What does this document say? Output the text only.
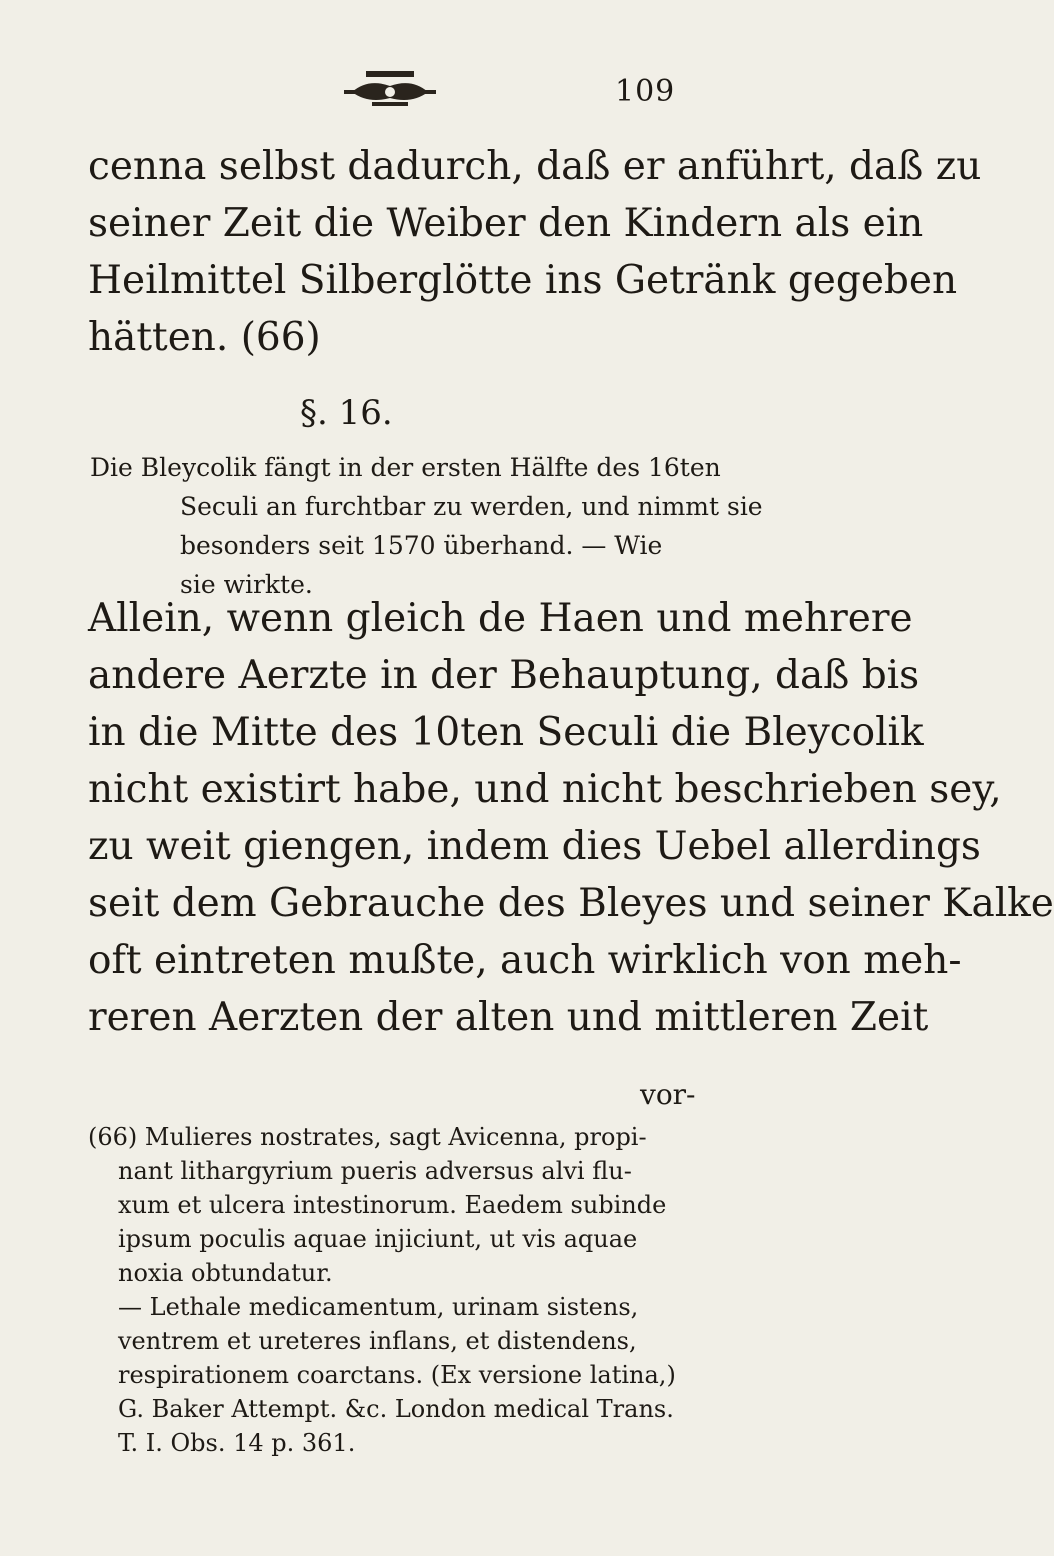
109
cenna selbst dadurch, daß er anführt, daß zu
seiner Zeit die Weiber den Kindern als ein
Heilmittel Silberglötte ins Getränk gegeben
hätten. (66)
§. 16.
Die Bleycolik fängt in der ersten Hälfte des 16ten
Seculi an furchtbar zu werden, und nimmt sie
besonders seit 1570 überhand. — Wie
sie wirkte.
Allein, wenn gleich de Haen und mehrere
andere Aerzte in der Behauptung, daß bis
in die Mitte des 10ten Seculi die Bleycolik
nicht existirt habe, und nicht beschrieben sey,
zu weit giengen, indem dies Uebel allerdings
seit dem Gebrauche des Bleyes und seiner Kalke
oft eintreten mußte, auch wirklich von meh-
reren Aerzten der alten und mittleren Zeit
vor-
(66) Mulieres nostrates, sagt Avicenna, propi-
nant lithargyrium pueris adversus alvi flu-
xum et ulcera intestinorum. Eaedem subinde
ipsum poculis aquae injiciunt, ut vis aquae
noxia obtundatur.
— Lethale medicamentum, urinam sistens,
ventrem et ureteres inflans, et distendens,
respirationem coarctans. (Ex versione latina,)
G. Baker Attempt. &c. London medical Trans.
T. I. Obs. 14 p. 361.
